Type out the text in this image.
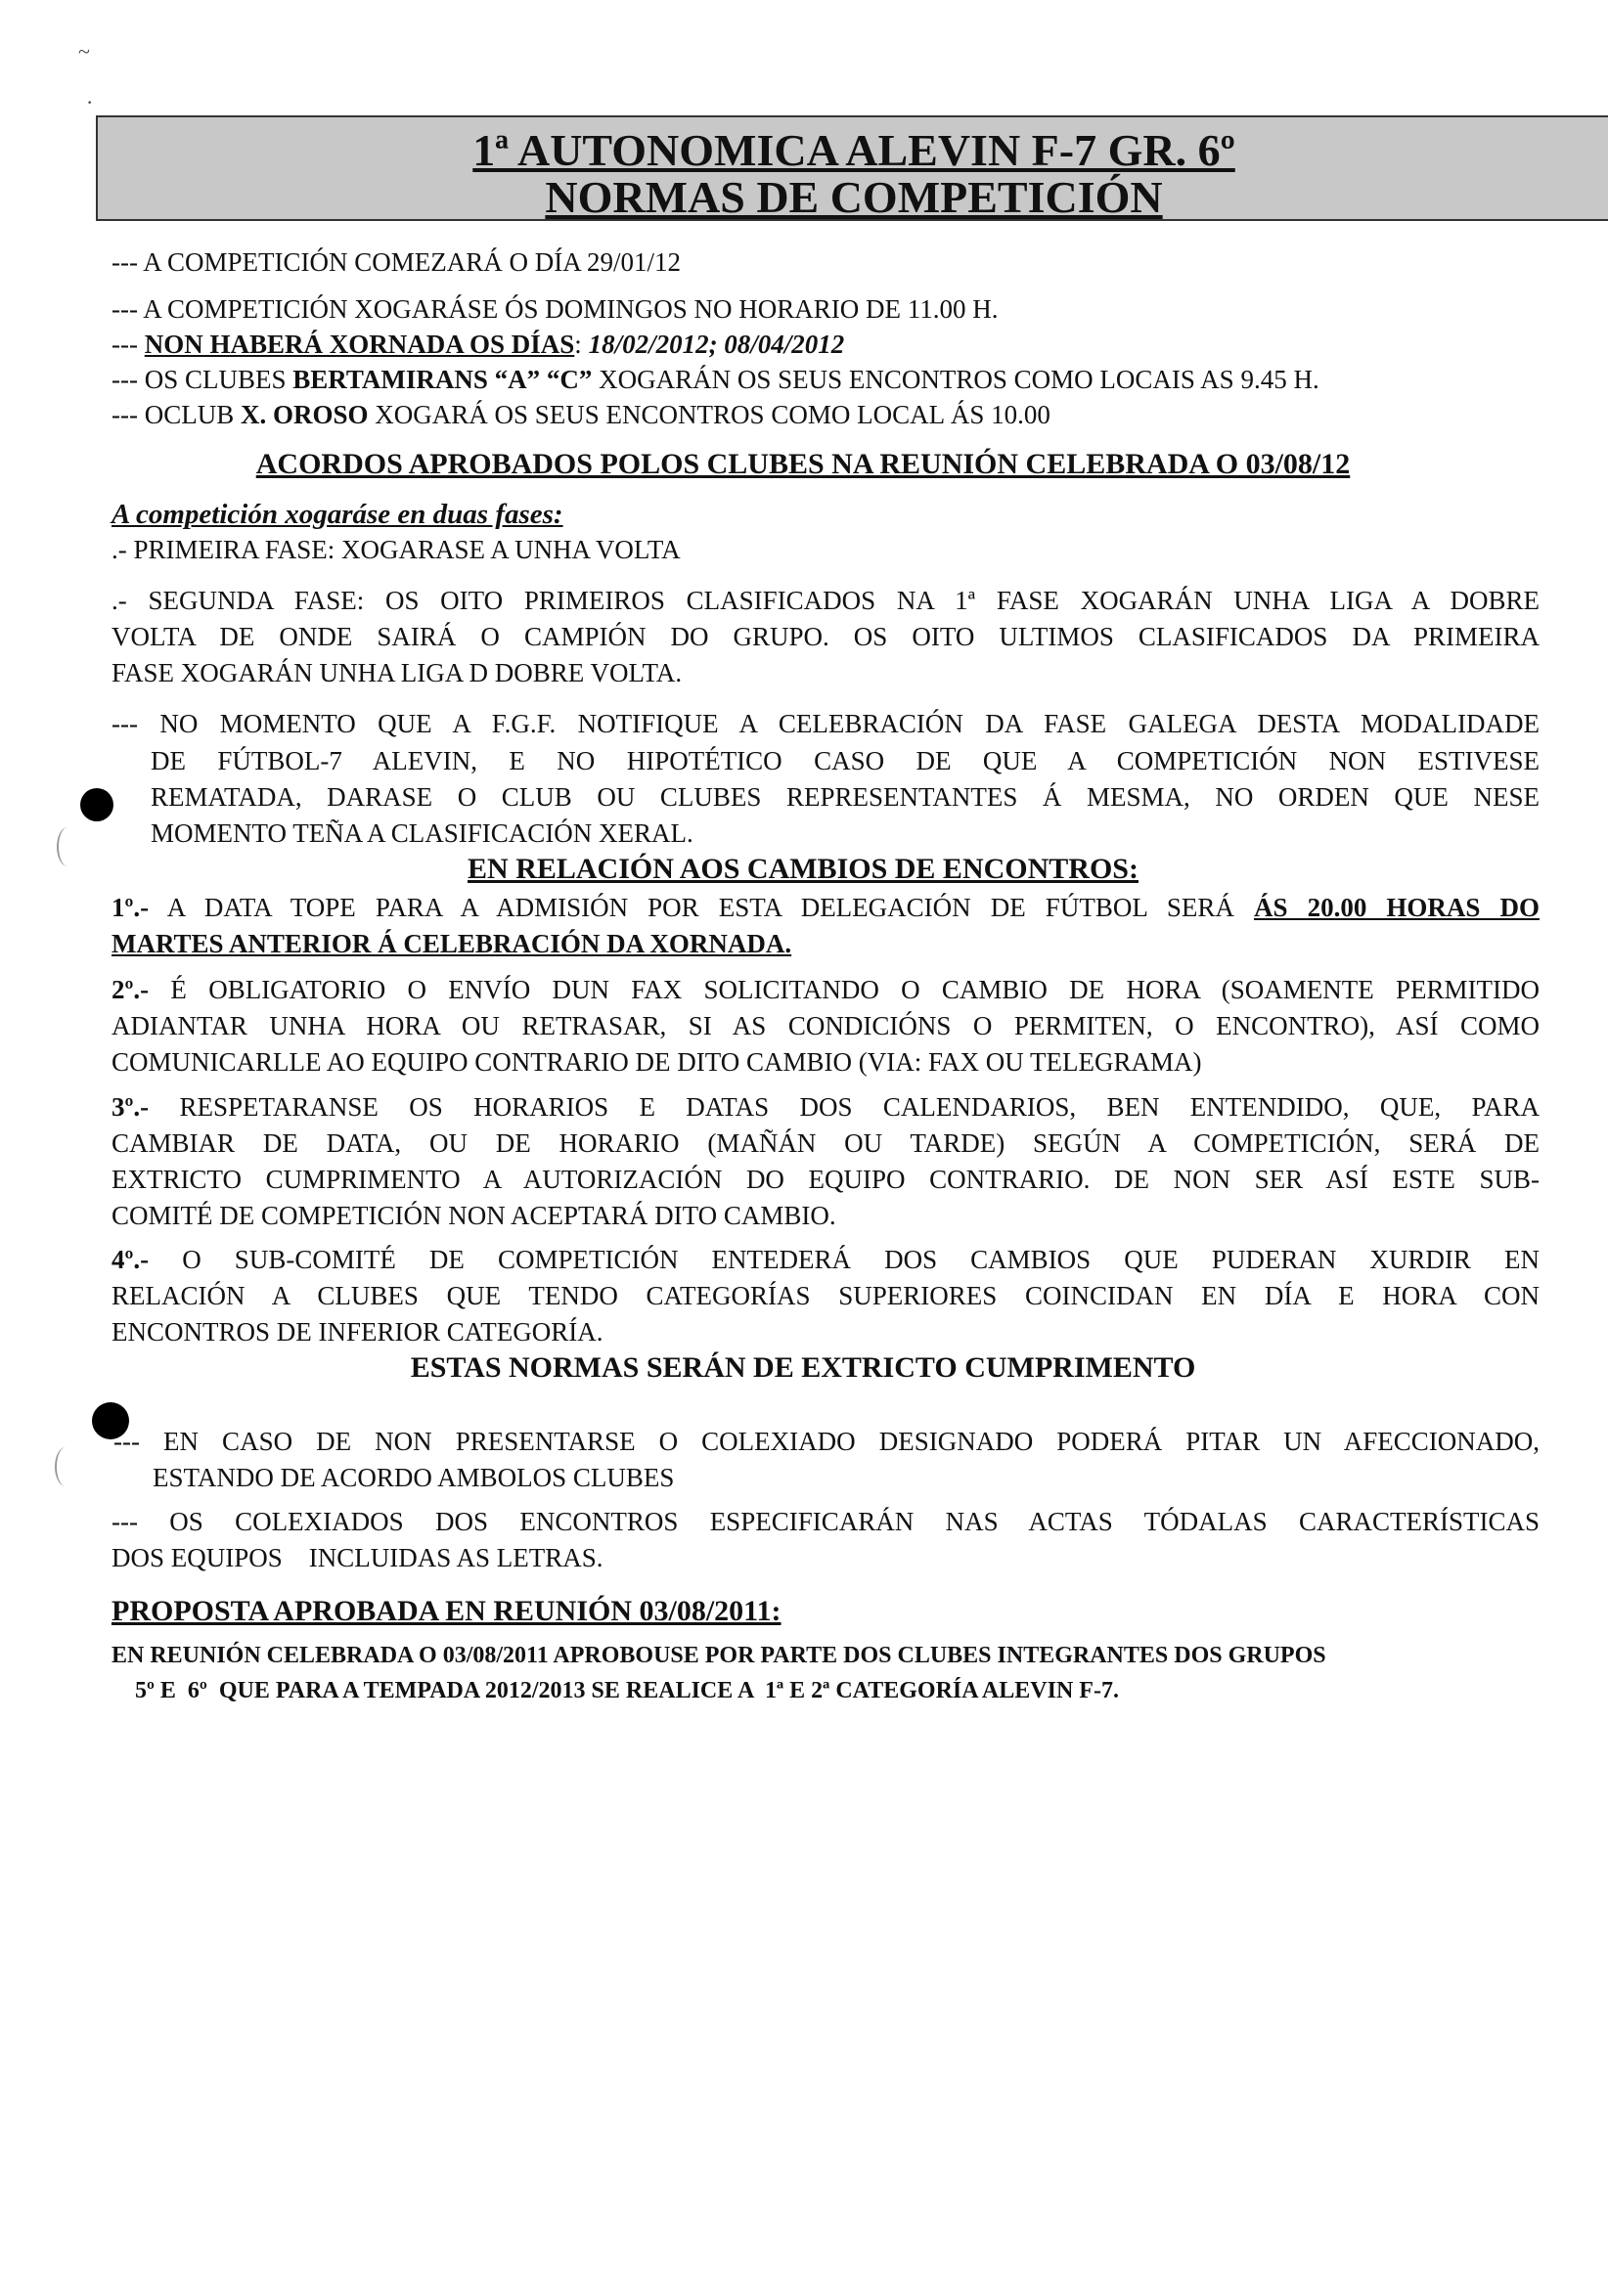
~
·
1ª AUTONOMICA ALEVIN F-7 GR. 6º
NORMAS DE COMPETICIÓN
--- A COMPETICIÓN COMEZARÁ O DÍA 29/01/12
--- A COMPETICIÓN XOGARÁSE ÓS DOMINGOS NO HORARIO DE 11.00 H.
--- NON HABERÁ XORNADA OS DÍAS: 18/02/2012; 08/04/2012
--- OS CLUBES BERTAMIRANS “A” “C” XOGARÁN OS SEUS ENCONTROS COMO LOCAIS AS 9.45 H.
--- OCLUB X. OROSO XOGARÁ OS SEUS ENCONTROS COMO LOCAL ÁS 10.00
ACORDOS APROBADOS POLOS CLUBES NA REUNIÓN CELEBRADA O 03/08/12
A competición xogaráse en duas fases:
.- PRIMEIRA FASE: XOGARASE A UNHA VOLTA
.- SEGUNDA FASE: OS OITO PRIMEIROS CLASIFICADOS NA 1ª FASE XOGARÁN UNHA LIGA A DOBRE
VOLTA DE ONDE SAIRÁ O CAMPIÓN DO GRUPO. OS OITO ULTIMOS CLASIFICADOS DA PRIMEIRA
FASE XOGARÁN UNHA LIGA D DOBRE VOLTA.
--- NO MOMENTO QUE A F.G.F. NOTIFIQUE A CELEBRACIÓN DA FASE GALEGA DESTA MODALIDADE
DE FÚTBOL-7 ALEVIN, E NO HIPOTÉTICO CASO DE QUE A COMPETICIÓN NON ESTIVESE
REMATADA, DARASE O CLUB OU CLUBES REPRESENTANTES Á MESMA, NO ORDEN QUE NESE
MOMENTO TEÑA A CLASIFICACIÓN XERAL.
EN RELACIÓN AOS CAMBIOS DE ENCONTROS:
1º.- A DATA TOPE PARA A ADMISIÓN POR ESTA DELEGACIÓN DE FÚTBOL SERÁ ÁS 20.00 HORAS DO
MARTES ANTERIOR Á CELEBRACIÓN DA XORNADA.
2º.- É OBLIGATORIO O ENVÍO DUN FAX SOLICITANDO O CAMBIO DE HORA (SOAMENTE PERMITIDO
ADIANTAR UNHA HORA OU RETRASAR, SI AS CONDICIÓNS O PERMITEN, O ENCONTRO), ASÍ COMO
COMUNICARLLE AO EQUIPO CONTRARIO DE DITO CAMBIO (VIA: FAX OU TELEGRAMA)
3º.- RESPETARANSE OS HORARIOS E DATAS DOS CALENDARIOS, BEN ENTENDIDO, QUE, PARA
CAMBIAR DE DATA, OU DE HORARIO (MAÑÁN OU TARDE) SEGÚN A COMPETICIÓN, SERÁ DE
EXTRICTO CUMPRIMENTO A AUTORIZACIÓN DO EQUIPO CONTRARIO. DE NON SER ASÍ ESTE SUB-
COMITÉ DE COMPETICIÓN NON ACEPTARÁ DITO CAMBIO.
4º.- O SUB-COMITÉ DE COMPETICIÓN ENTEDERÁ DOS CAMBIOS QUE PUDERAN XURDIR EN
RELACIÓN A CLUBES QUE TENDO CATEGORÍAS SUPERIORES COINCIDAN EN DÍA E HORA CON
ENCONTROS DE INFERIOR CATEGORÍA.
ESTAS NORMAS SERÁN DE EXTRICTO CUMPRIMENTO
--- EN CASO DE NON PRESENTARSE O COLEXIADO DESIGNADO PODERÁ PITAR UN AFECCIONADO,
ESTANDO DE ACORDO AMBOLOS CLUBES
--- OS COLEXIADOS DOS ENCONTROS ESPECIFICARÁN NAS ACTAS TÓDALAS CARACTERÍSTICAS
DOS EQUIPOS    INCLUIDAS AS LETRAS.
PROPOSTA APROBADA EN REUNIÓN 03/08/2011:
EN REUNIÓN CELEBRADA O 03/08/2011 APROBOUSE POR PARTE DOS CLUBES INTEGRANTES DOS GRUPOS
5º E  6º  QUE PARA A TEMPADA 2012/2013 SE REALICE A  1ª E 2ª CATEGORÍA ALEVIN F-7.
